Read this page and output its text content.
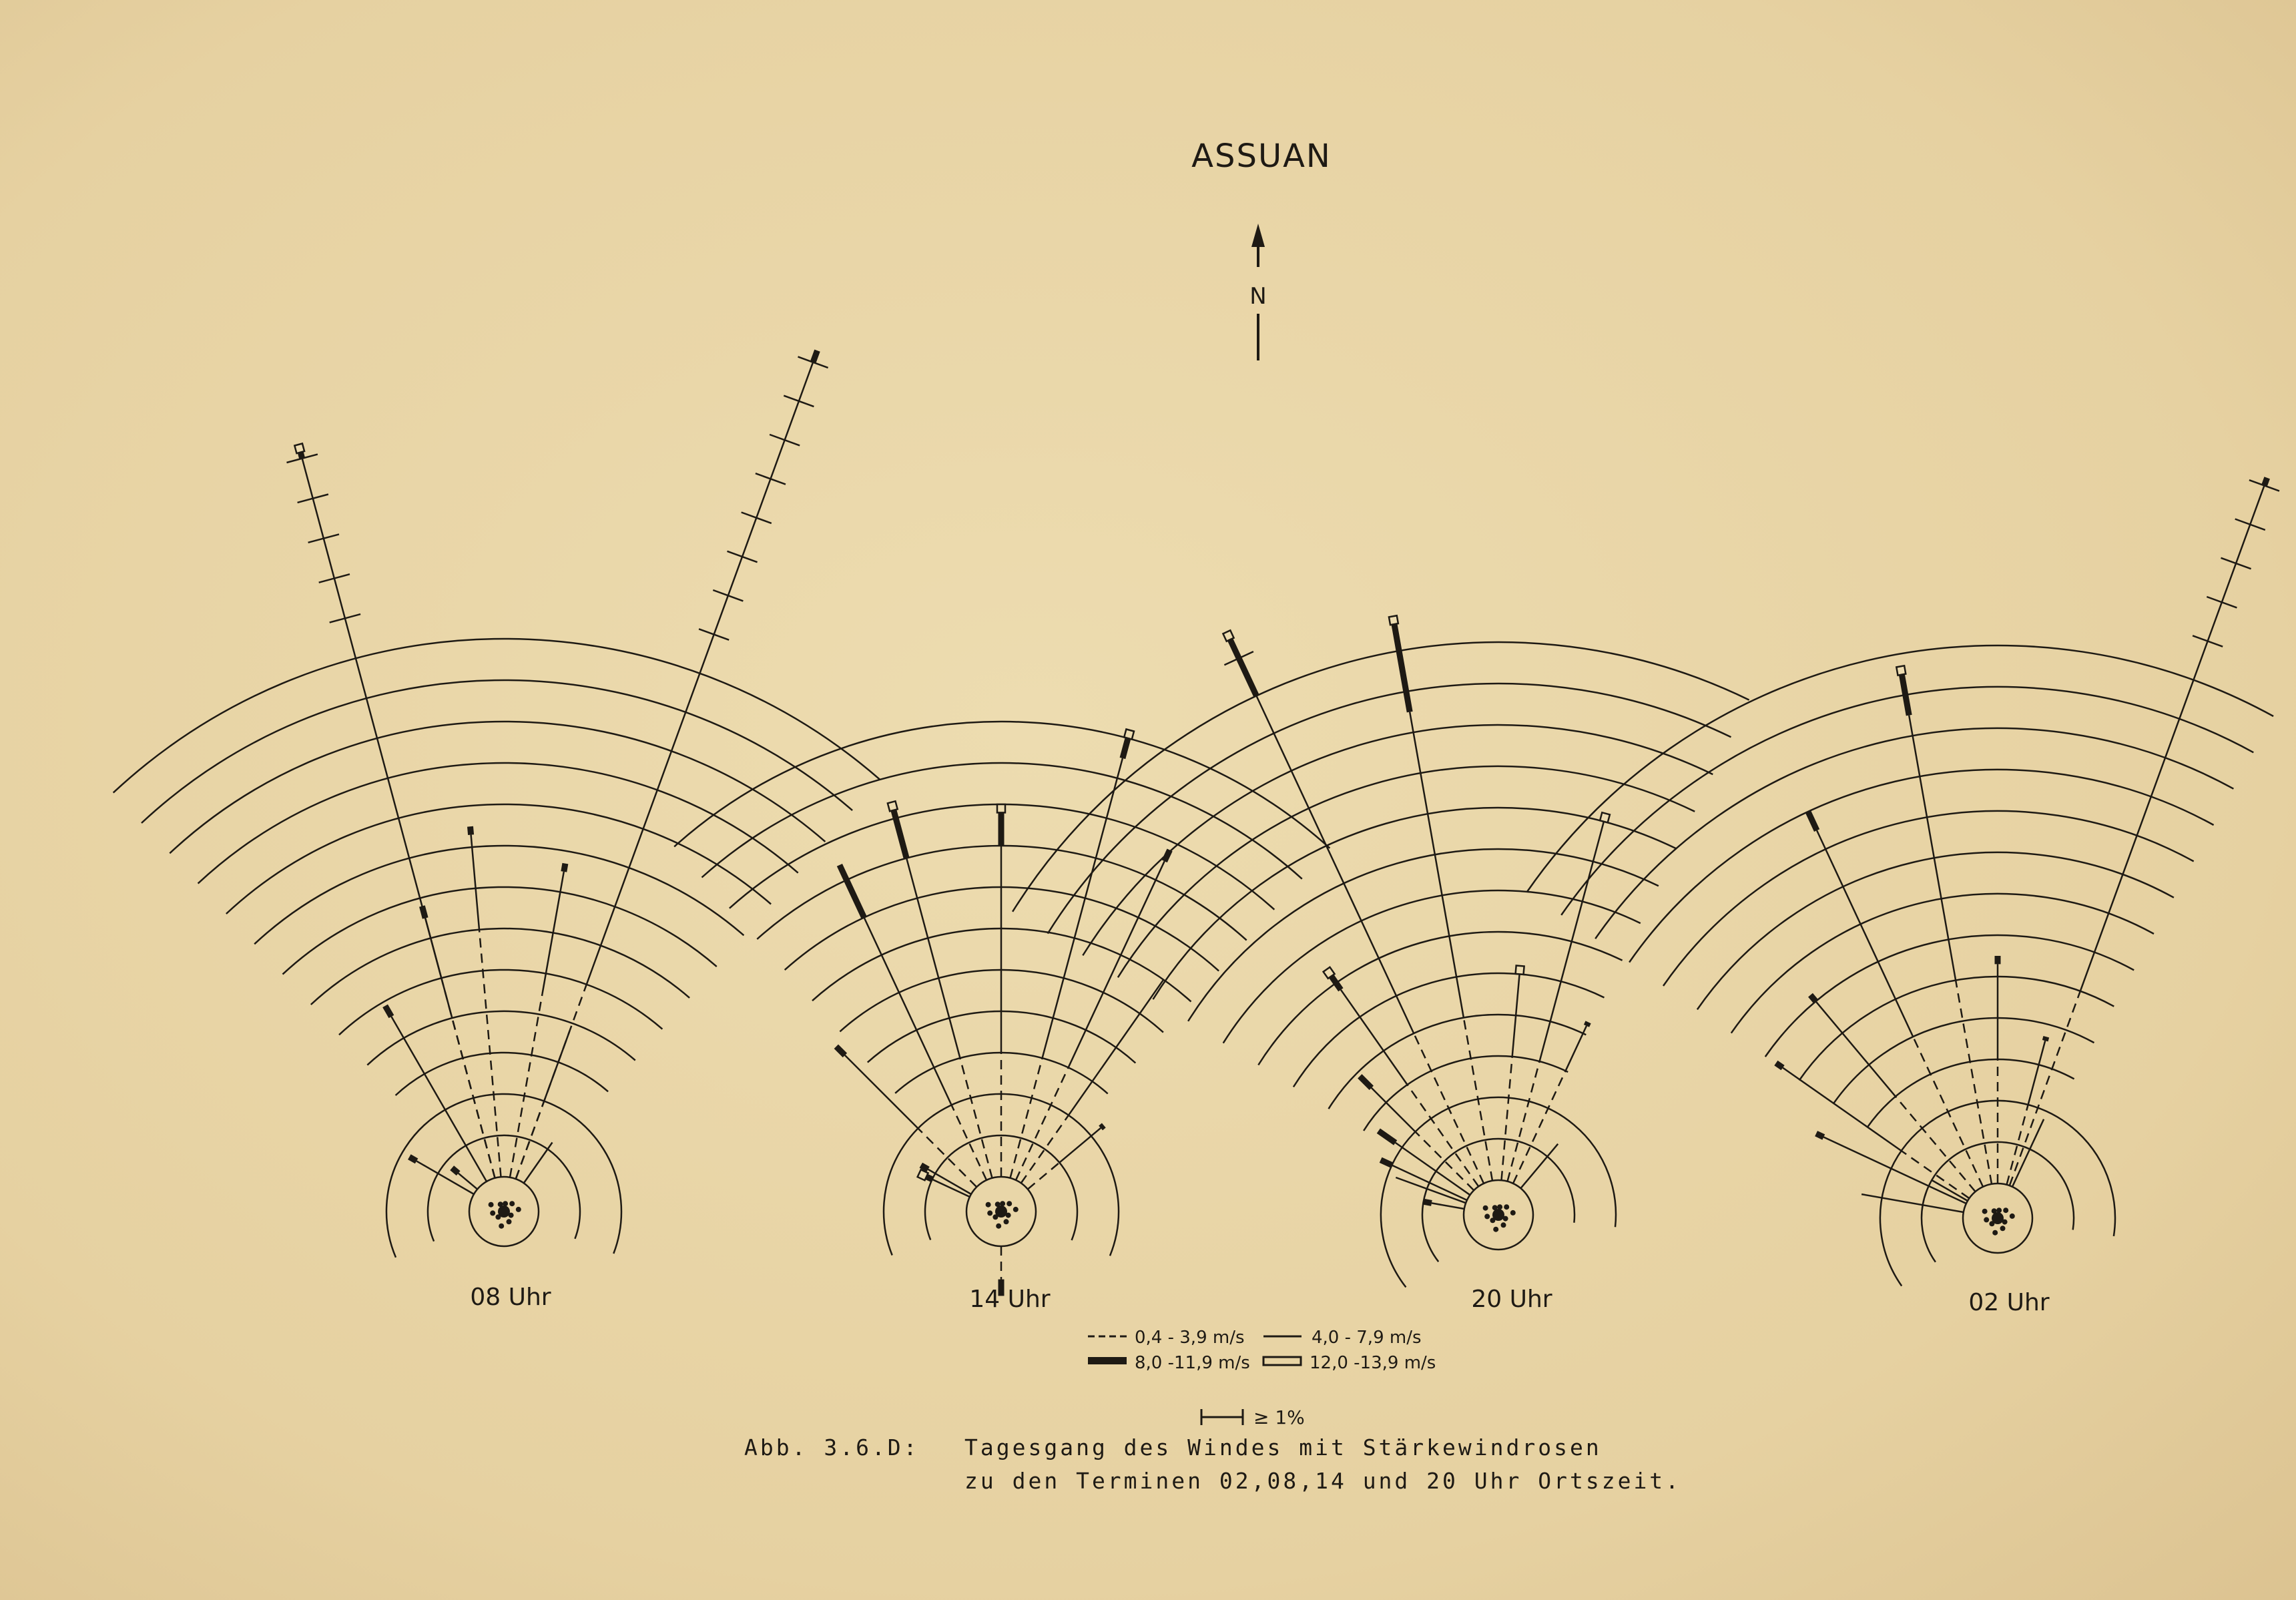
ASSUAN
N
08 Uhr	14 Uhr	20 Uhr	02 Uhr
0,4 - 3,9 m/s	4,0 - 7,9 m/s
8,0 -11,9 m/s	12,0 -13,9 m/s
≥ 1%
Abb. 3.6.D: Tagesgang des Windes mit Stärkewindrosen
zu den Terminen 02,08,14 und 20 Uhr Ortszeit.
